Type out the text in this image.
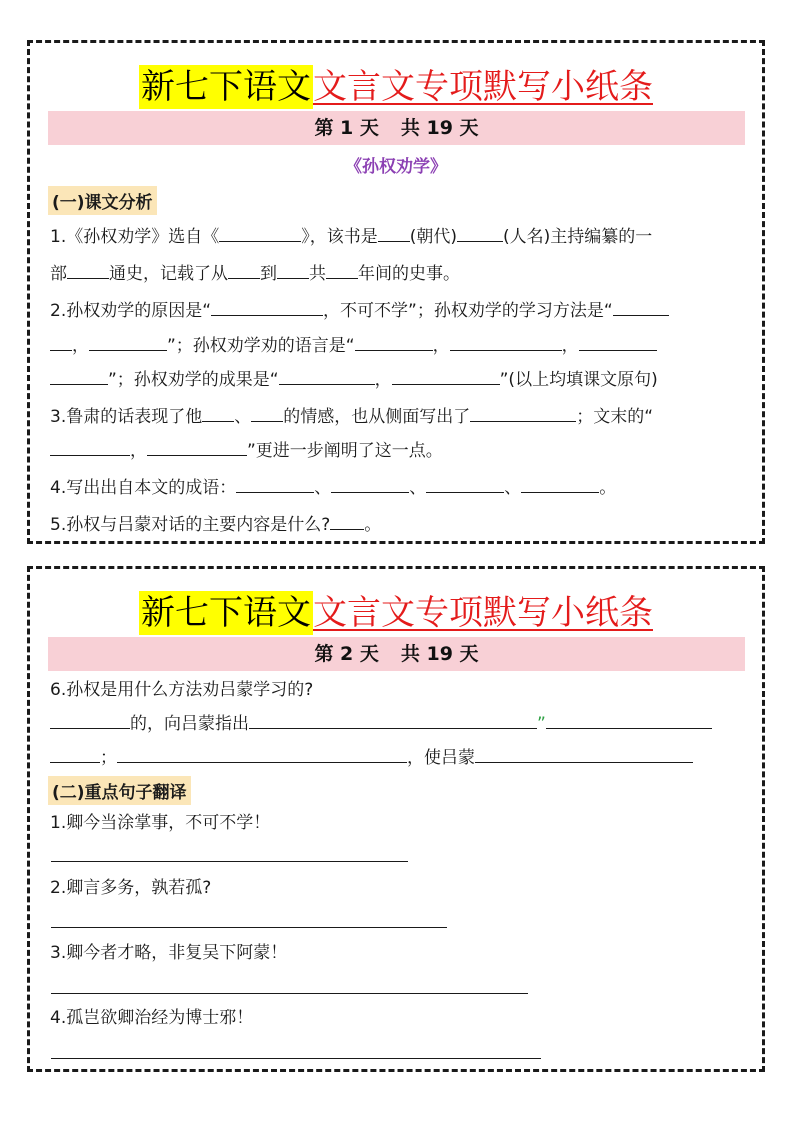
新七下语文文言文专项默写小纸条
第 1 天 共 19 天
《孙权劝学》
(一)课文分析
1.《孙权劝学》选自《	》，该书是 (朝代)	(人名)主持编纂的一
部 通史，记载了从 到 共 年间的史事。
2.孙权劝学的原因是“	，不可不学”；孙权劝学的学习方法是“
，	”；孙权劝学劝的语言是“	，	，
”；孙权劝学的成果是“	，	”(以上均填课文原句)
3.鲁肃的话表现了他 、 的情感，也从侧面写出了	；文末的“
，	”更进一步阐明了这一点。
4.写出出自本文的成语：	、	、	、	。
5.孙权与吕蒙对话的主要内容是什么? 。
新七下语文文言文专项默写小纸条
第 2 天 共 19 天
6.孙权是用什么方法劝吕蒙学习的?
的，向吕蒙指出	”
；	，使吕蒙
(二)重点句子翻译
1.卿今当涂掌事，不可不学！
2.卿言多务，孰若孤?
3.卿今者才略，非复吴下阿蒙！
4.孤岂欲卿治经为博士邪！
